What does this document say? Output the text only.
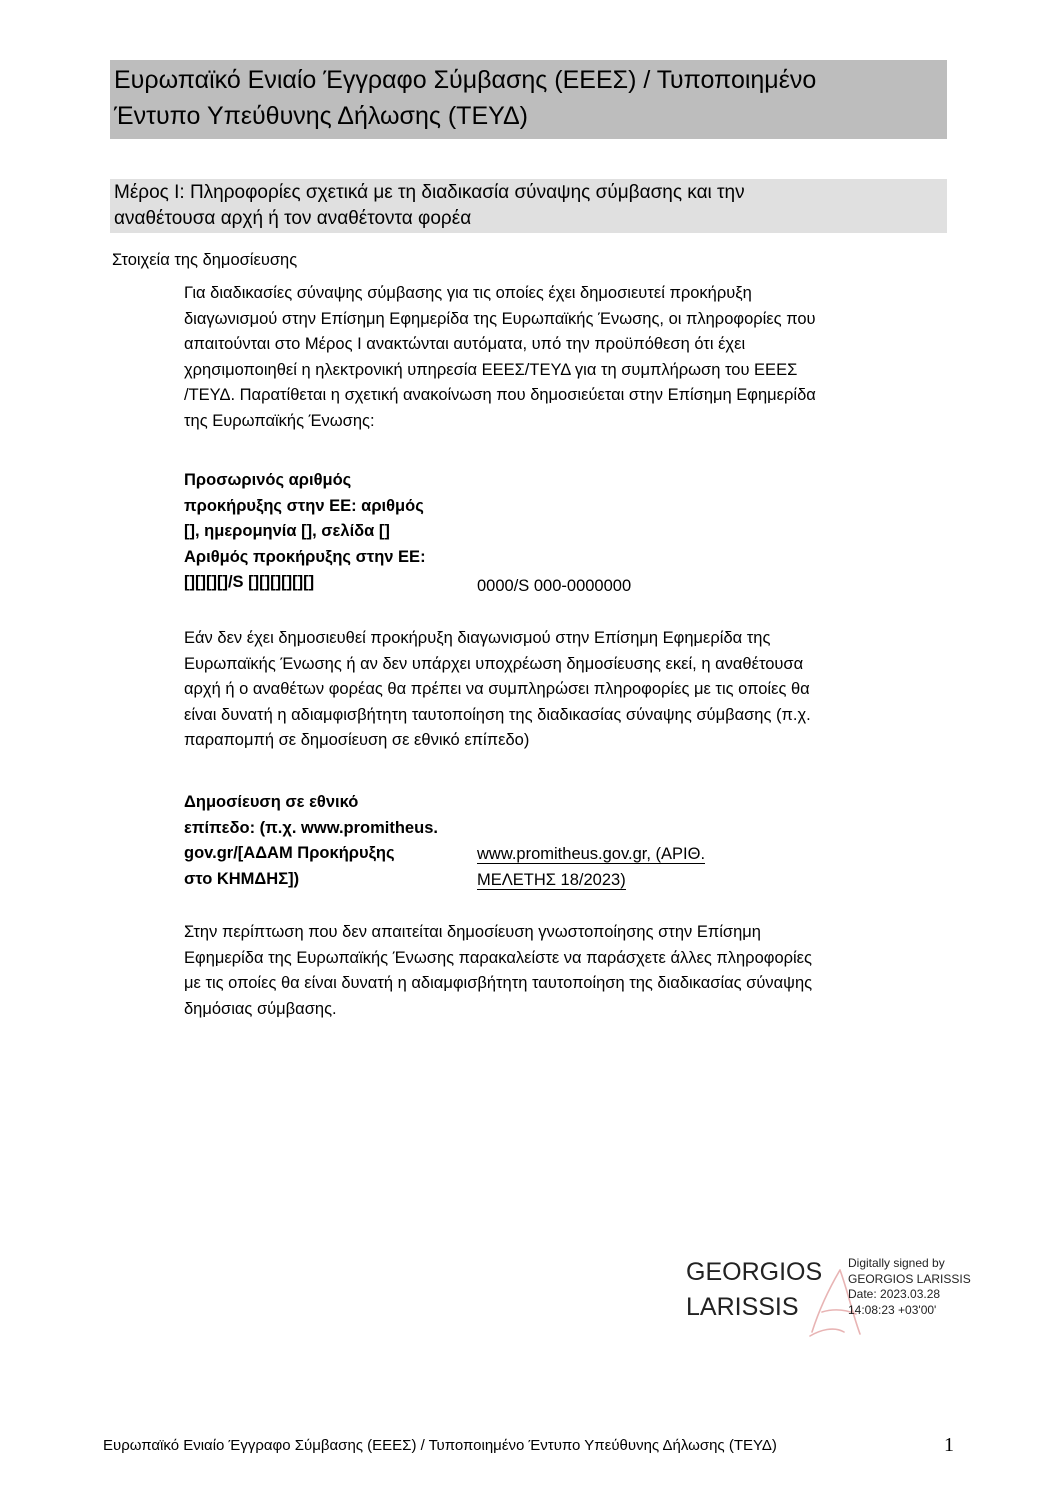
Ευρωπαϊκό Ενιαίο Έγγραφο Σύμβασης (ΕΕΕΣ) / Τυποποιημένο
Έντυπο Υπεύθυνης Δήλωσης (ΤΕΥΔ)
Μέρος Ι: Πληροφορίες σχετικά με τη διαδικασία σύναψης σύμβασης και την
αναθέτουσα αρχή ή τον αναθέτοντα φορέα
Στοιχεία της δημοσίευσης
Για διαδικασίες σύναψης σύμβασης για τις οποίες έχει δημοσιευτεί προκήρυξη
διαγωνισμού στην Επίσημη Εφημερίδα της Ευρωπαϊκής Ένωσης, οι πληροφορίες που
απαιτούνται στο Μέρος Ι ανακτώνται αυτόματα, υπό την προϋπόθεση ότι έχει
χρησιμοποιηθεί η ηλεκτρονική υπηρεσία ΕΕΕΣ/ΤΕΥΔ για τη συμπλήρωση του ΕΕΕΣ
/ΤΕΥΔ. Παρατίθεται η σχετική ανακοίνωση που δημοσιεύεται στην Επίσημη Εφημερίδα
της Ευρωπαϊκής Ένωσης:
Προσωρινός αριθμός
προκήρυξης στην ΕΕ: αριθμός
[], ημερομηνία [], σελίδα []
Αριθμός προκήρυξης στην ΕΕ:
[][][][]/S [][][][][][]	0000/S 000-0000000
Εάν δεν έχει δημοσιευθεί προκήρυξη διαγωνισμού στην Επίσημη Εφημερίδα της
Ευρωπαϊκής Ένωσης ή αν δεν υπάρχει υποχρέωση δημοσίευσης εκεί, η αναθέτουσα
αρχή ή ο αναθέτων φορέας θα πρέπει να συμπληρώσει πληροφορίες με τις οποίες θα
είναι δυνατή η αδιαμφισβήτητη ταυτοποίηση της διαδικασίας σύναψης σύμβασης (π.χ.
παραπομπή σε δημοσίευση σε εθνικό επίπεδο)
Δημοσίευση σε εθνικό
επίπεδο: (π.χ. www.promitheus.
gov.gr/[ΑΔΑΜ Προκήρυξης
στο ΚΗΜΔΗΣ])
www.promitheus.gov.gr, (ΑΡΙΘ.
ΜΕΛΕΤΗΣ 18/2023)
Στην περίπτωση που δεν απαιτείται δημοσίευση γνωστοποίησης στην Επίσημη
Εφημερίδα της Ευρωπαϊκής Ένωσης παρακαλείστε να παράσχετε άλλες πληροφορίες
με τις οποίες θα είναι δυνατή η αδιαμφισβήτητη ταυτοποίηση της διαδικασίας σύναψης
δημόσιας σύμβασης.
GEORGIOS
LARISSIS
Digitally signed by
GEORGIOS LARISSIS
Date: 2023.03.28
14:08:23 +03'00'
Ευρωπαϊκό Ενιαίο Έγγραφο Σύμβασης (ΕΕΕΣ) / Τυποποιημένο Έντυπο Υπεύθυνης Δήλωσης (ΤΕΥΔ)	1
